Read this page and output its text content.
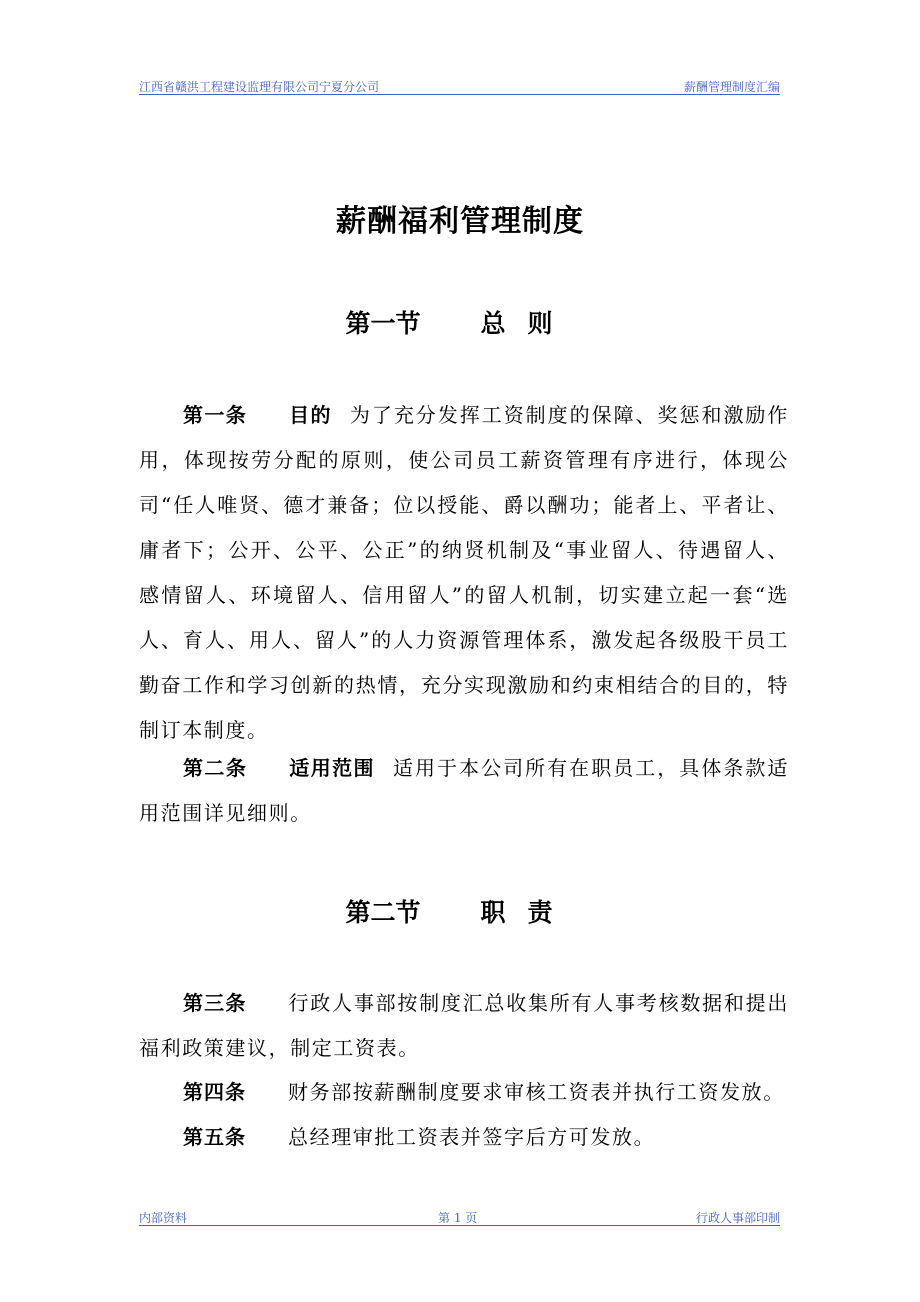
江西省赣洪工程建设监理有限公司宁夏分公司	薪酬管理制度汇编
薪酬福利管理制度
第一节 总则
第一条 目的 为了充分发挥工资制度的保障、奖惩和激励作用，体现按劳分配的原则，使公司员工薪资管理有序进行，体现公司“任人唯贤、德才兼备；位以授能、爵以酬功；能者上、平者让、庸者下；公开、公平、公正”的纳贤机制及“事业留人、待遇留人、感情留人、环境留人、信用留人”的留人机制，切实建立起一套“选人、育人、用人、留人”的人力资源管理体系，激发起各级股干员工勤奋工作和学习创新的热情，充分实现激励和约束相结合的目的，特制订本制度。
第二条 适用范围 适用于本公司所有在职员工，具体条款适用范围详见细则。
第二节 职责
第三条 行政人事部按制度汇总收集所有人事考核数据和提出福利政策建议，制定工资表。
第四条 财务部按薪酬制度要求审核工资表并执行工资发放。
第五条 总经理审批工资表并签字后方可发放。
内部资料	第 1 页	行政人事部印制
